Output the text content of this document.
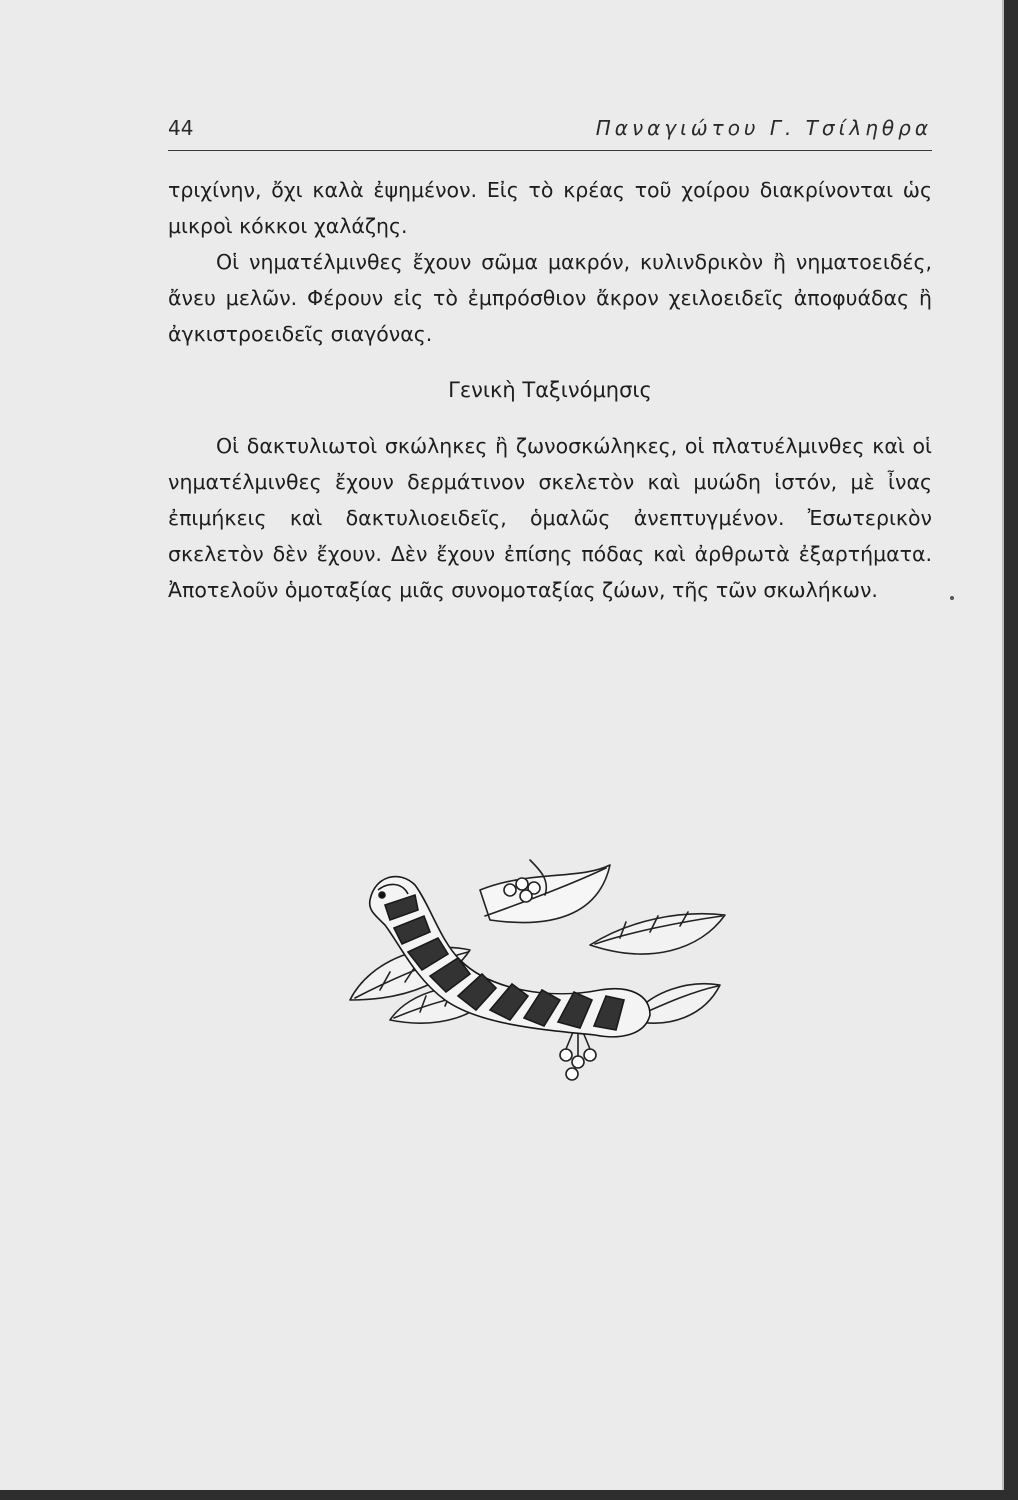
44	Παναγιώτου Γ. Τσίληθρα

τριχίνην, ὄχι καλὰ ἐψημένον. Εἰς τὸ κρέας τοῦ χοίρου διακρίνονται ὡς μικροὶ κόκκοι χαλάζης.

Οἱ νηματέλμινθες ἔχουν σῶμα μακρόν, κυλινδρικὸν ἢ νηματοειδές, ἄνευ μελῶν. Φέρουν εἰς τὸ ἐμπρόσθιον ἄκρον χειλοειδεῖς ἀποφυάδας ἢ ἀγκιστροειδεῖς σιαγόνας.

Γενικὴ Ταξινόμησις

Οἱ δακτυλιωτοὶ σκώληκες ἢ ζωνοσκώληκες, οἱ πλατυέλμινθες καὶ οἱ νηματέλμινθες ἔχουν δερμάτινον σκελετὸν καὶ μυώδη ἱστόν, μὲ ἶνας ἐπιμήκεις καὶ δακτυλιοειδεῖς, ὁμαλῶς ἀνεπτυγμένον. Ἐσωτερικὸν σκελετὸν δὲν ἔχουν. Δὲν ἔχουν ἐπίσης πόδας καὶ ἀρθρωτὰ ἐξαρτήματα. Ἀποτελοῦν ὁμοταξίας μιᾶς συνομοταξίας ζώων, τῆς τῶν σκωλήκων.
